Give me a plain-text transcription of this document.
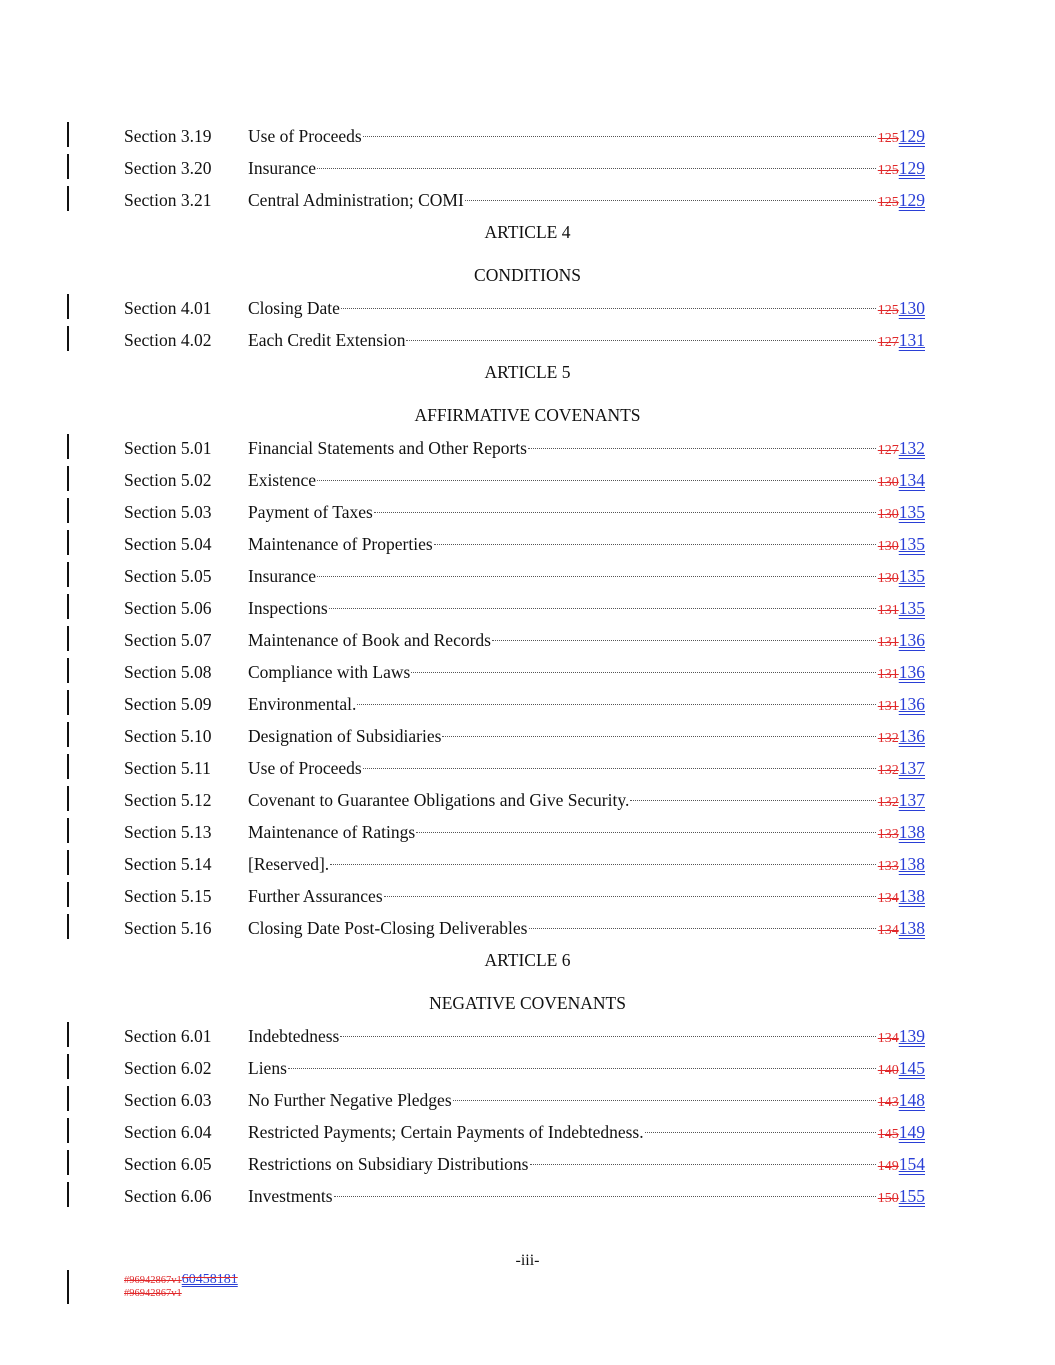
Section 3.19	Use of Proceeds	125129
Section 3.20	Insurance	125129
Section 3.21	Central Administration; COMI	125129
ARTICLE 4
CONDITIONS
Section 4.01	Closing Date	125130
Section 4.02	Each Credit Extension	127131
ARTICLE 5
AFFIRMATIVE COVENANTS
Section 5.01	Financial Statements and Other Reports	127132
Section 5.02	Existence	130134
Section 5.03	Payment of Taxes	130135
Section 5.04	Maintenance of Properties	130135
Section 5.05	Insurance	130135
Section 5.06	Inspections	131135
Section 5.07	Maintenance of Book and Records	131136
Section 5.08	Compliance with Laws	131136
Section 5.09	Environmental.	131136
Section 5.10	Designation of Subsidiaries	132136
Section 5.11	Use of Proceeds	132137
Section 5.12	Covenant to Guarantee Obligations and Give Security.	132137
Section 5.13	Maintenance of Ratings	133138
Section 5.14	[Reserved].	133138
Section 5.15	Further Assurances	134138
Section 5.16	Closing Date Post-Closing Deliverables	134138
ARTICLE 6
NEGATIVE COVENANTS
Section 6.01	Indebtedness	134139
Section 6.02	Liens	140145
Section 6.03	No Further Negative Pledges	143148
Section 6.04	Restricted Payments; Certain Payments of Indebtedness.	145149
Section 6.05	Restrictions on Subsidiary Distributions	149154
Section 6.06	Investments	150155
-iii-
#96942867v160458181
#96942867v1
